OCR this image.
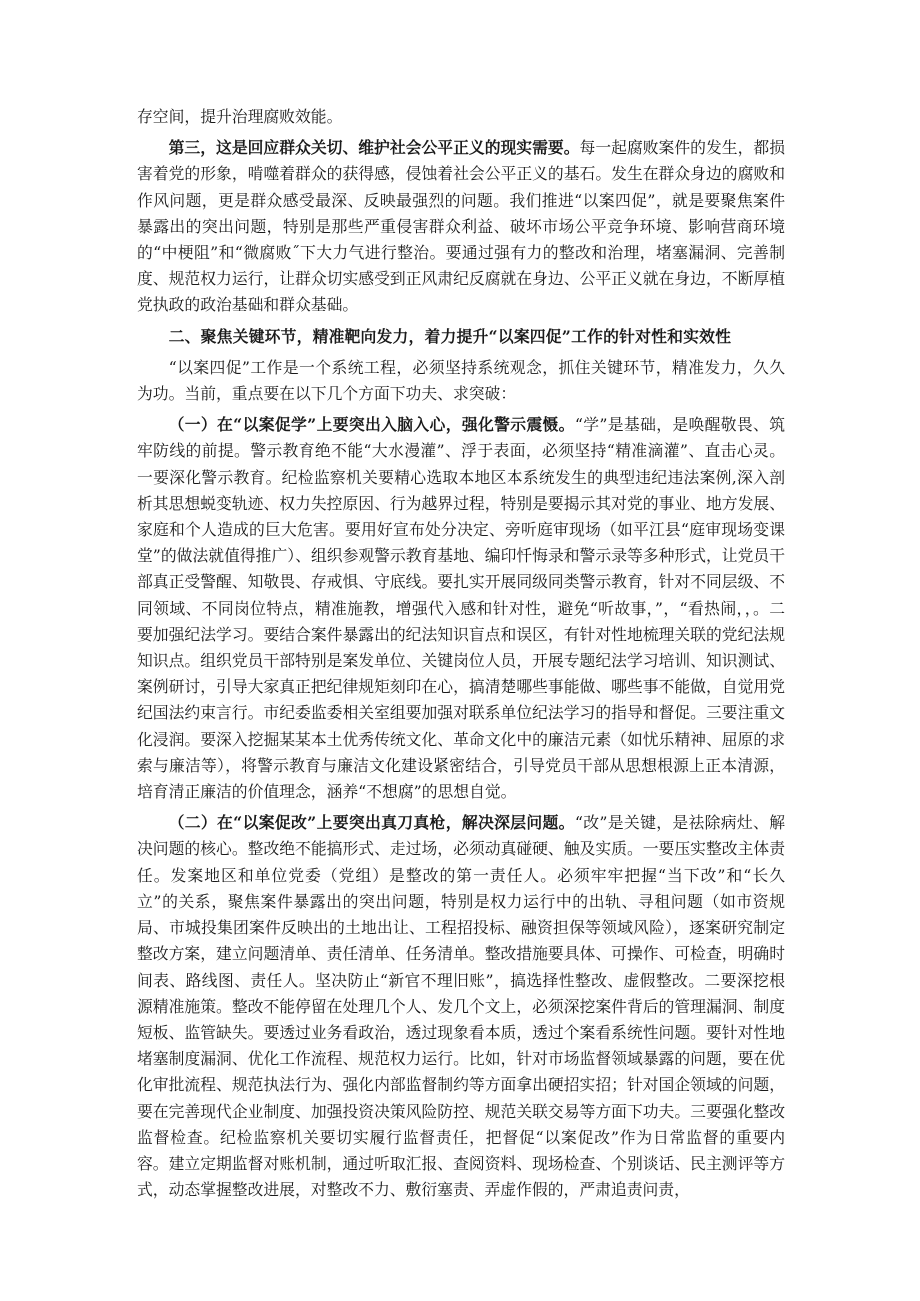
存空间，提升治理腐败效能。

第三，这是回应群众关切、维护社会公平正义的现实需要。每一起腐败案件的发生，都损害着党的形象，啃噬着群众的获得感，侵蚀着社会公平正义的基石。发生在群众身边的腐败和作风问题，更是群众感受最深、反映最强烈的问题。我们推进“以案四促”，就是要聚焦案件暴露出的突出问题，特别是那些严重侵害群众利益、破坏市场公平竞争环境、影响营商环境的“中梗阻”和“微腐败˝下大力气进行整治。要通过强有力的整改和治理，堵塞漏洞、完善制度、规范权力运行，让群众切实感受到正风肃纪反腐就在身边、公平正义就在身边，不断厚植党执政的政治基础和群众基础。

二、聚焦关键环节，精准靶向发力，着力提升“以案四促”工作的针对性和实效性

“以案四促”工作是一个系统工程，必须坚持系统观念，抓住关键环节，精准发力，久久为功。当前，重点要在以下几个方面下功夫、求突破：

（一）在“以案促学”上要突出入脑入心，强化警示震慑。“学”是基础，是唤醒敬畏、筑牢防线的前提。警示教育绝不能“大水漫灌”、浮于表面，必须坚持“精准滴灌”、直击心灵。一要深化警示教育。纪检监察机关要精心选取本地区本系统发生的典型违纪违法案例,深入剖析其思想蜕变轨迹、权力失控原因、行为越界过程，特别是要揭示其对党的事业、地方发展、家庭和个人造成的巨大危害。要用好宣布处分决定、旁听庭审现场（如平江县“庭审现场变课堂”的做法就值得推广）、组织参观警示教育基地、编印忏悔录和警示录等多种形式，让党员干部真正受警醒、知敬畏、存戒惧、守底线。要扎实开展同级同类警示教育，针对不同层级、不同领域、不同岗位特点，精准施教，增强代入感和针对性，避免“听故事，”，“看热闹，，。二要加强纪法学习。要结合案件暴露出的纪法知识盲点和误区，有针对性地梳理关联的党纪法规知识点。组织党员干部特别是案发单位、关键岗位人员，开展专题纪法学习培训、知识测试、案例研讨，引导大家真正把纪律规矩刻印在心，搞清楚哪些事能做、哪些事不能做，自觉用党纪国法约束言行。市纪委监委相关室组要加强对联系单位纪法学习的指导和督促。三要注重文化浸润。要深入挖掘某某本土优秀传统文化、革命文化中的廉洁元素（如忧乐精神、屈原的求索与廉洁等），将警示教育与廉洁文化建设紧密结合，引导党员干部从思想根源上正本清源，培育清正廉洁的价值理念，涵养“不想腐”的思想自觉。

（二）在“以案促改”上要突出真刀真枪，解决深层问题。“改”是关键，是祛除病灶、解决问题的核心。整改绝不能搞形式、走过场，必须动真碰硬、触及实质。一要压实整改主体责任。发案地区和单位党委（党组）是整改的第一责任人。必须牢牢把握“当下改”和“长久立”的关系，聚焦案件暴露出的突出问题，特别是权力运行中的出轨、寻租问题（如市资规局、市城投集团案件反映出的土地出让、工程招投标、融资担保等领域风险），逐案研究制定整改方案，建立问题清单、责任清单、任务清单。整改措施要具体、可操作、可检查，明确时间表、路线图、责任人。坚决防止“新官不理旧账”，搞选择性整改、虚假整改。二要深挖根源精准施策。整改不能停留在处理几个人、发几个文上，必须深挖案件背后的管理漏洞、制度短板、监管缺失。要透过业务看政治，透过现象看本质，透过个案看系统性问题。要针对性地堵塞制度漏洞、优化工作流程、规范权力运行。比如，针对市场监督领域暴露的问题，要在优化审批流程、规范执法行为、强化内部监督制约等方面拿出硬招实招；针对国企领域的问题，要在完善现代企业制度、加强投资决策风险防控、规范关联交易等方面下功夫。三要强化整改监督检查。纪检监察机关要切实履行监督责任，把督促“以案促改”作为日常监督的重要内容。建立定期监督对账机制，通过听取汇报、查阅资料、现场检查、个别谈话、民主测评等方式，动态掌握整改进展，对整改不力、敷衍塞责、弄虚作假的，严肃追责问责，
